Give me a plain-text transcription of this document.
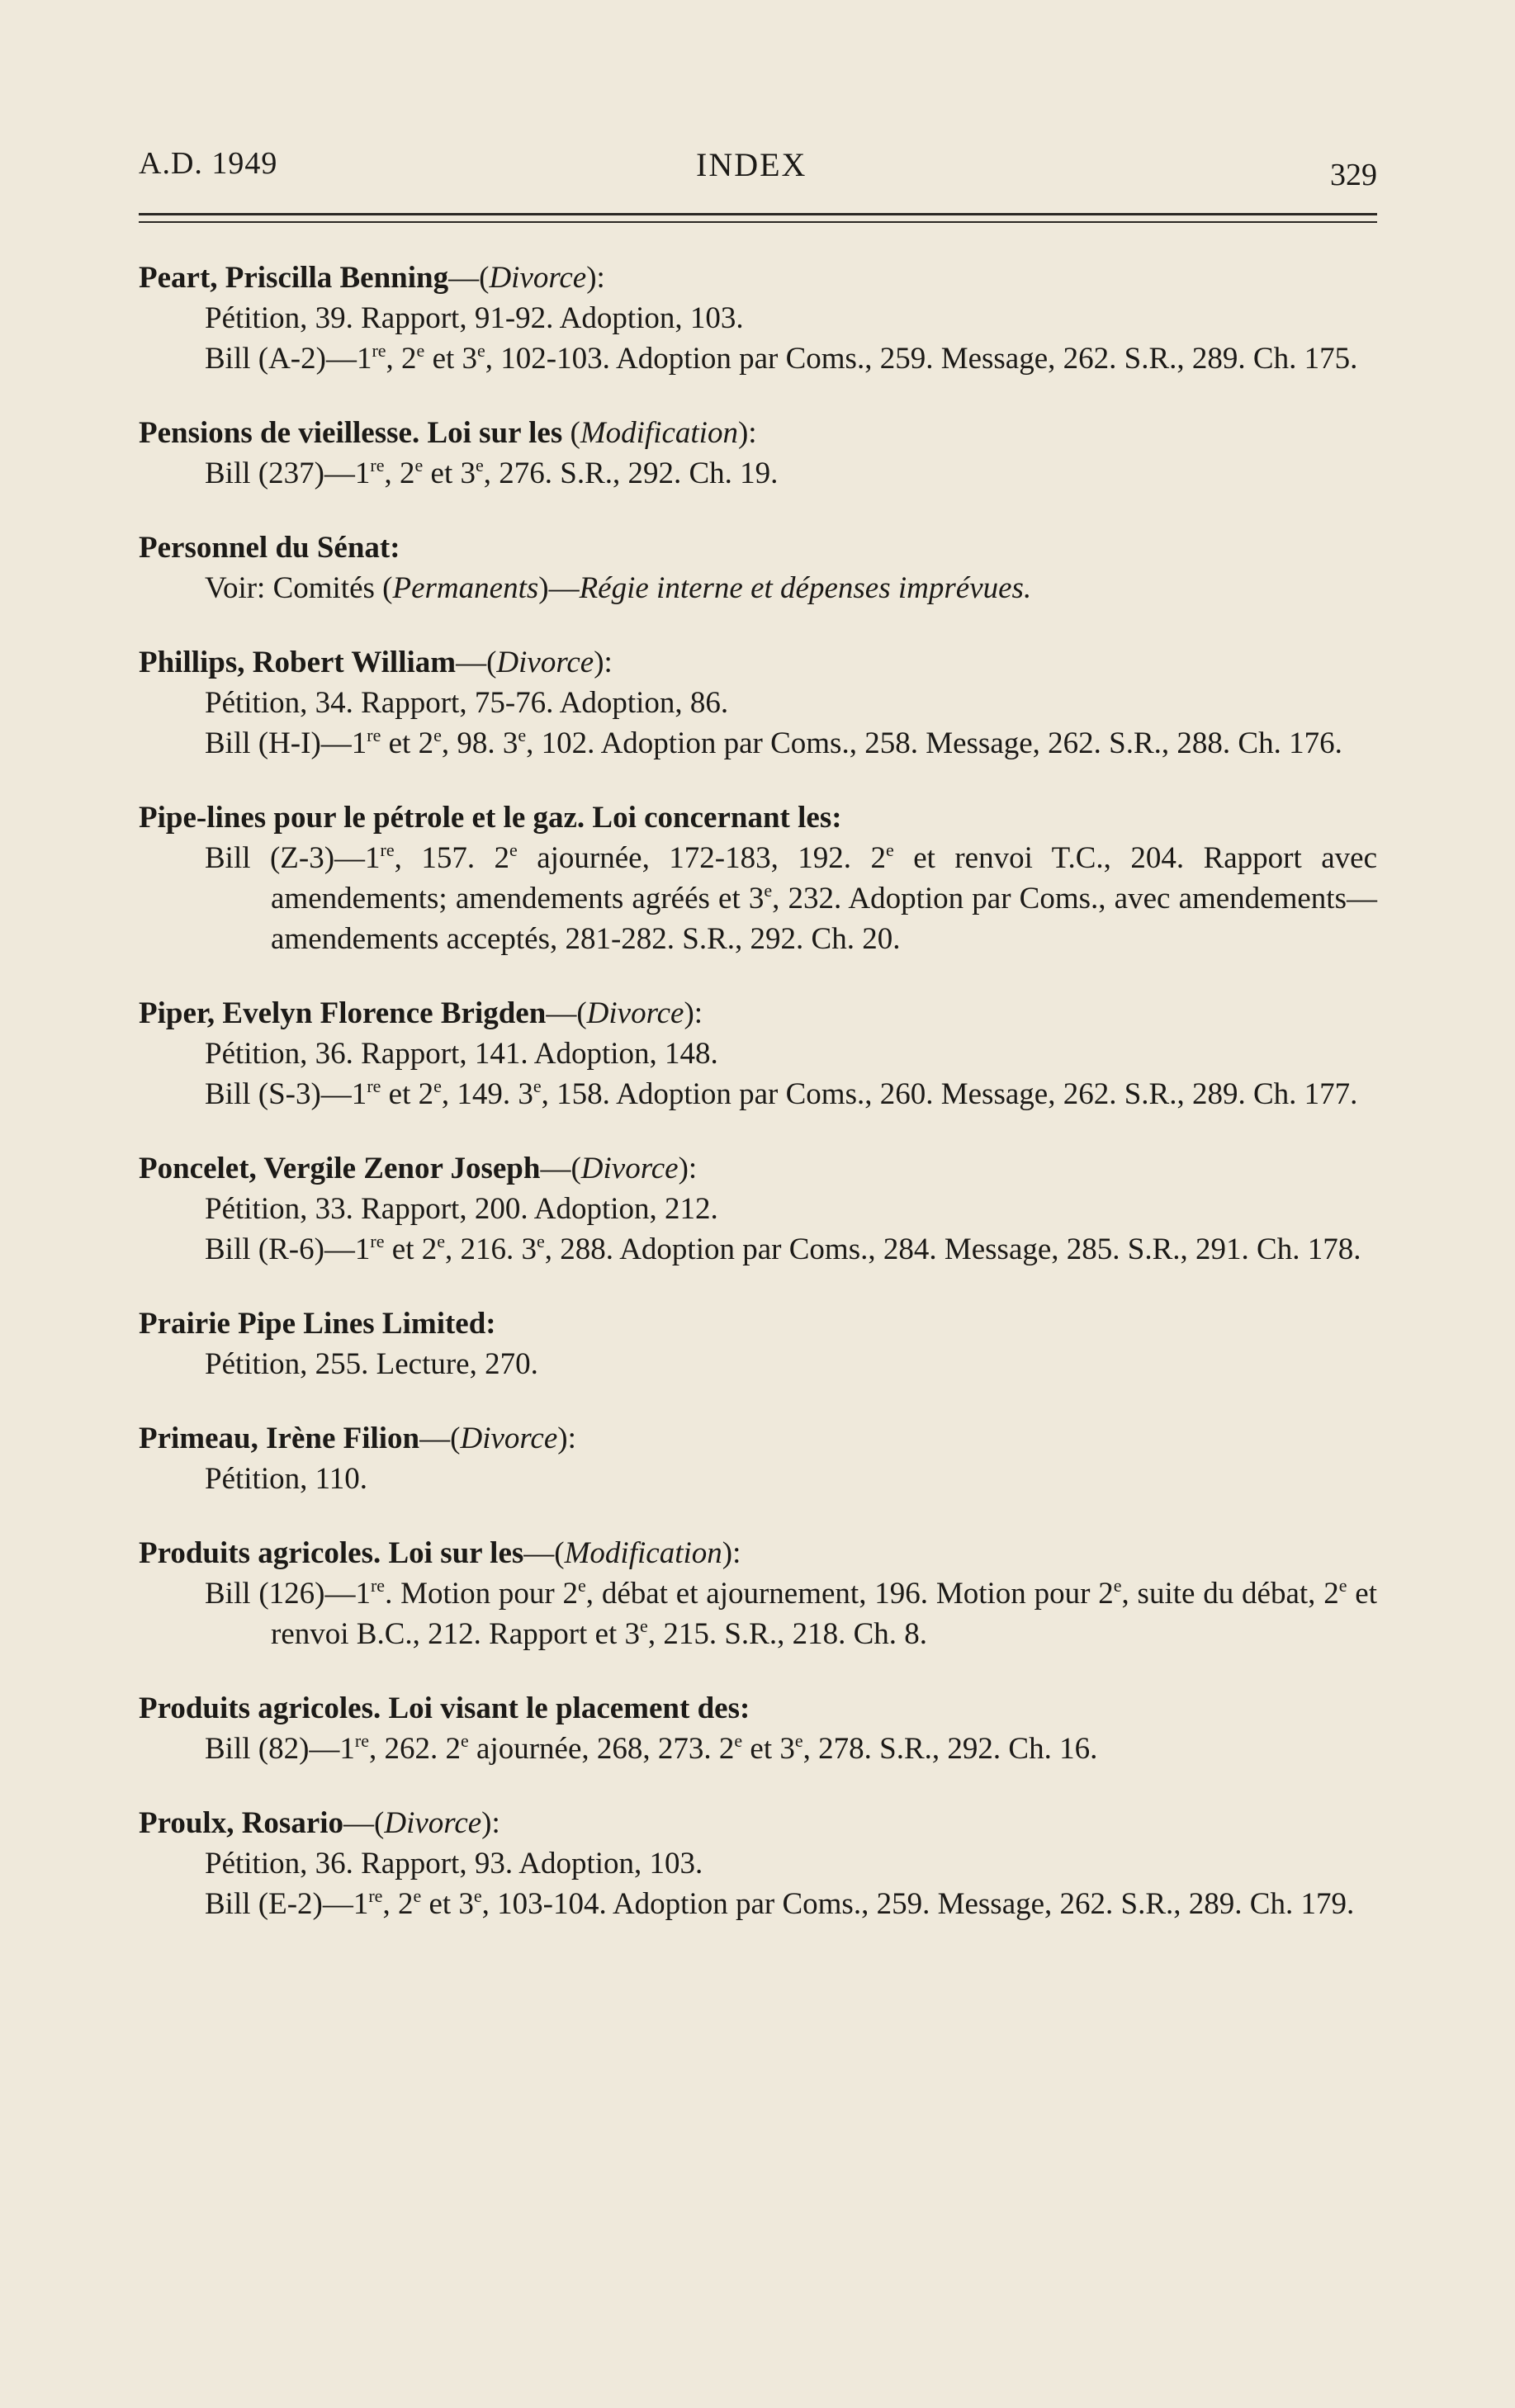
A.D. 1949	INDEX	329
Peart, Priscilla Benning—(Divorce):
Pétition, 39. Rapport, 91-92. Adoption, 103.
Bill (A-2)—1re, 2e et 3e, 102-103. Adoption par Coms., 259. Message, 262. S.R., 289. Ch. 175.
Pensions de vieillesse. Loi sur les (Modification):
Bill (237)—1re, 2e et 3e, 276. S.R., 292. Ch. 19.
Personnel du Sénat:
Voir: Comités (Permanents)—Régie interne et dépenses imprévues.
Phillips, Robert William—(Divorce):
Pétition, 34. Rapport, 75-76. Adoption, 86.
Bill (H-I)—1re et 2e, 98. 3e, 102. Adoption par Coms., 258. Message, 262. S.R., 288. Ch. 176.
Pipe-lines pour le pétrole et le gaz. Loi concernant les:
Bill (Z-3)—1re, 157. 2e ajournée, 172-183, 192. 2e et renvoi T.C., 204. Rapport avec amendements; amendements agréés et 3e, 232. Adoption par Coms., avec amendements—amendements acceptés, 281-282. S.R., 292. Ch. 20.
Piper, Evelyn Florence Brigden—(Divorce):
Pétition, 36. Rapport, 141. Adoption, 148.
Bill (S-3)—1re et 2e, 149. 3e, 158. Adoption par Coms., 260. Message, 262. S.R., 289. Ch. 177.
Poncelet, Vergile Zenor Joseph—(Divorce):
Pétition, 33. Rapport, 200. Adoption, 212.
Bill (R-6)—1re et 2e, 216. 3e, 288. Adoption par Coms., 284. Message, 285. S.R., 291. Ch. 178.
Prairie Pipe Lines Limited:
Pétition, 255. Lecture, 270.
Primeau, Irène Filion—(Divorce):
Pétition, 110.
Produits agricoles. Loi sur les—(Modification):
Bill (126)—1re. Motion pour 2e, débat et ajournement, 196. Motion pour 2e, suite du débat, 2e et renvoi B.C., 212. Rapport et 3e, 215. S.R., 218. Ch. 8.
Produits agricoles. Loi visant le placement des:
Bill (82)—1re, 262. 2e ajournée, 268, 273. 2e et 3e, 278. S.R., 292. Ch. 16.
Proulx, Rosario—(Divorce):
Pétition, 36. Rapport, 93. Adoption, 103.
Bill (E-2)—1re, 2e et 3e, 103-104. Adoption par Coms., 259. Message, 262. S.R., 289. Ch. 179.
